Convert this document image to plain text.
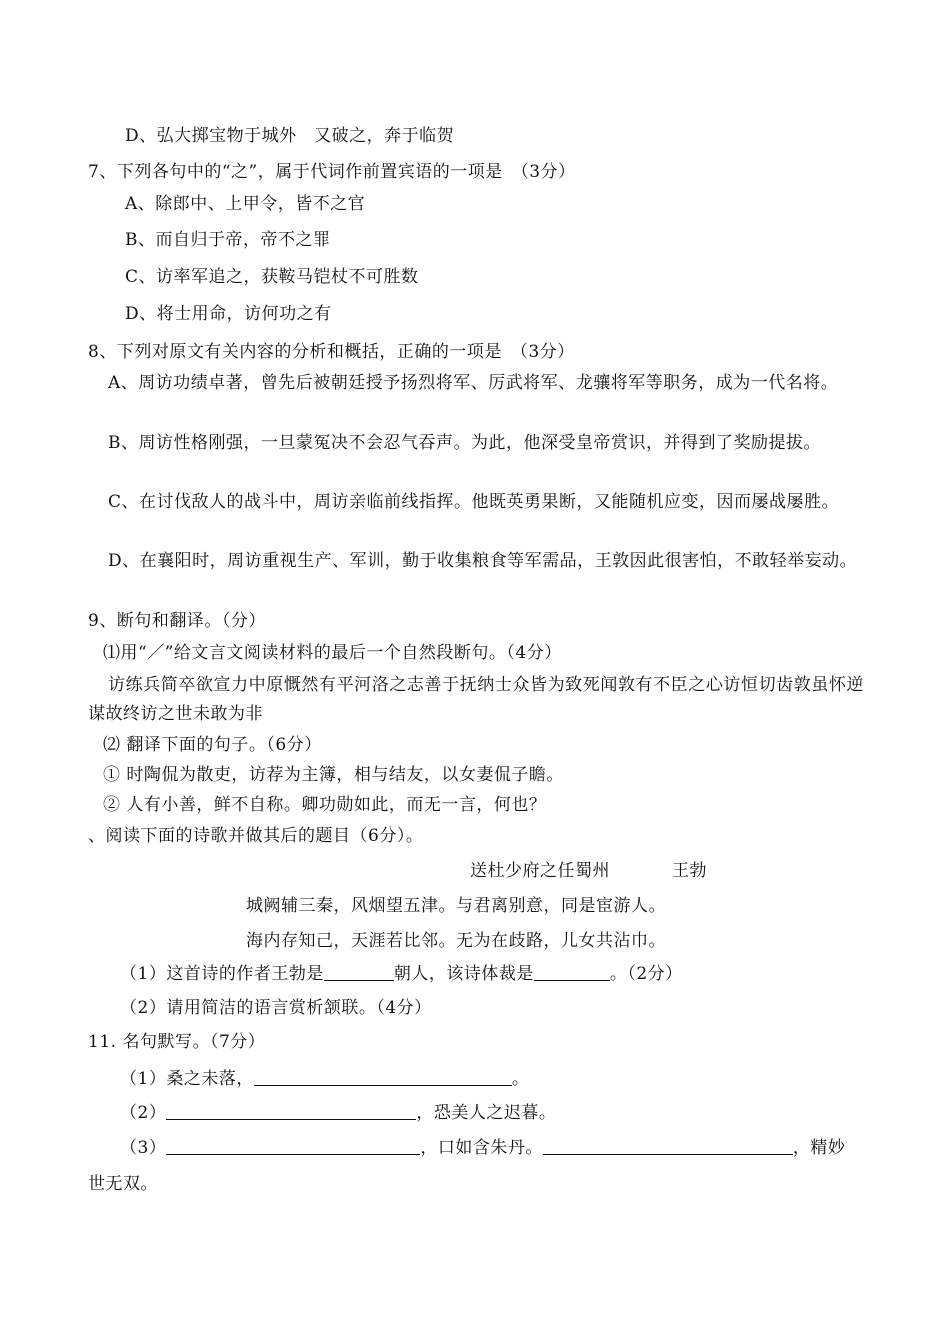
D、弘大掷宝物于城外　又破之，奔于临贺
7、下列各句中的“之”，属于代词作前置宾语的一项是　（3分）
A、除郎中、上甲令，皆不之官
B、而自归于帝，帝不之罪
C、访率军追之，获鞍马铠杖不可胜数
D、将士用命，访何功之有
8、下列对原文有关内容的分析和概括，正确的一项是　（3分）
A、周访功绩卓著，曾先后被朝廷授予扬烈将军、厉武将军、龙骧将军等职务，成为一代名将。
B、周访性格刚强，一旦蒙冤决不会忍气吞声。为此，他深受皇帝赏识，并得到了奖励提拔。
C、在讨伐敌人的战斗中，周访亲临前线指挥。他既英勇果断，又能随机应变，因而屡战屡胜。
D、在襄阳时，周访重视生产、军训，勤于收集粮食等军需品，王敦因此很害怕，不敢轻举妄动。
9、断句和翻译。（分）
⑴用“／”给文言文阅读材料的最后一个自然段断句。（4分）
访练兵简卒欲宣力中原慨然有平河洛之志善于抚纳士众皆为致死闻敦有不臣之心访恒切齿敦虽怀逆谋故终访之世未敢为非
⑵ 翻译下面的句子。（6分）
① 时陶侃为散吏，访荐为主簿，相与结友，以女妻侃子瞻。
② 人有小善，鲜不自称。卿功勋如此，而无一言，何也？
、阅读下面的诗歌并做其后的题目（6分）。
送杜少府之任蜀州	王勃
城阙辅三秦，风烟望五津。与君离别意，同是宦游人。
海内存知己，天涯若比邻。无为在歧路，儿女共沾巾。
（1）这首诗的作者王勃是	朝人，该诗体裁是	。（2分）
（2）请用简洁的语言赏析颔联。（4分）
11. 名句默写。（7分）
（1）桑之未落，	。
（2）	，恐美人之迟暮。
（3）	，口如含朱丹。	，精妙
世无双。
